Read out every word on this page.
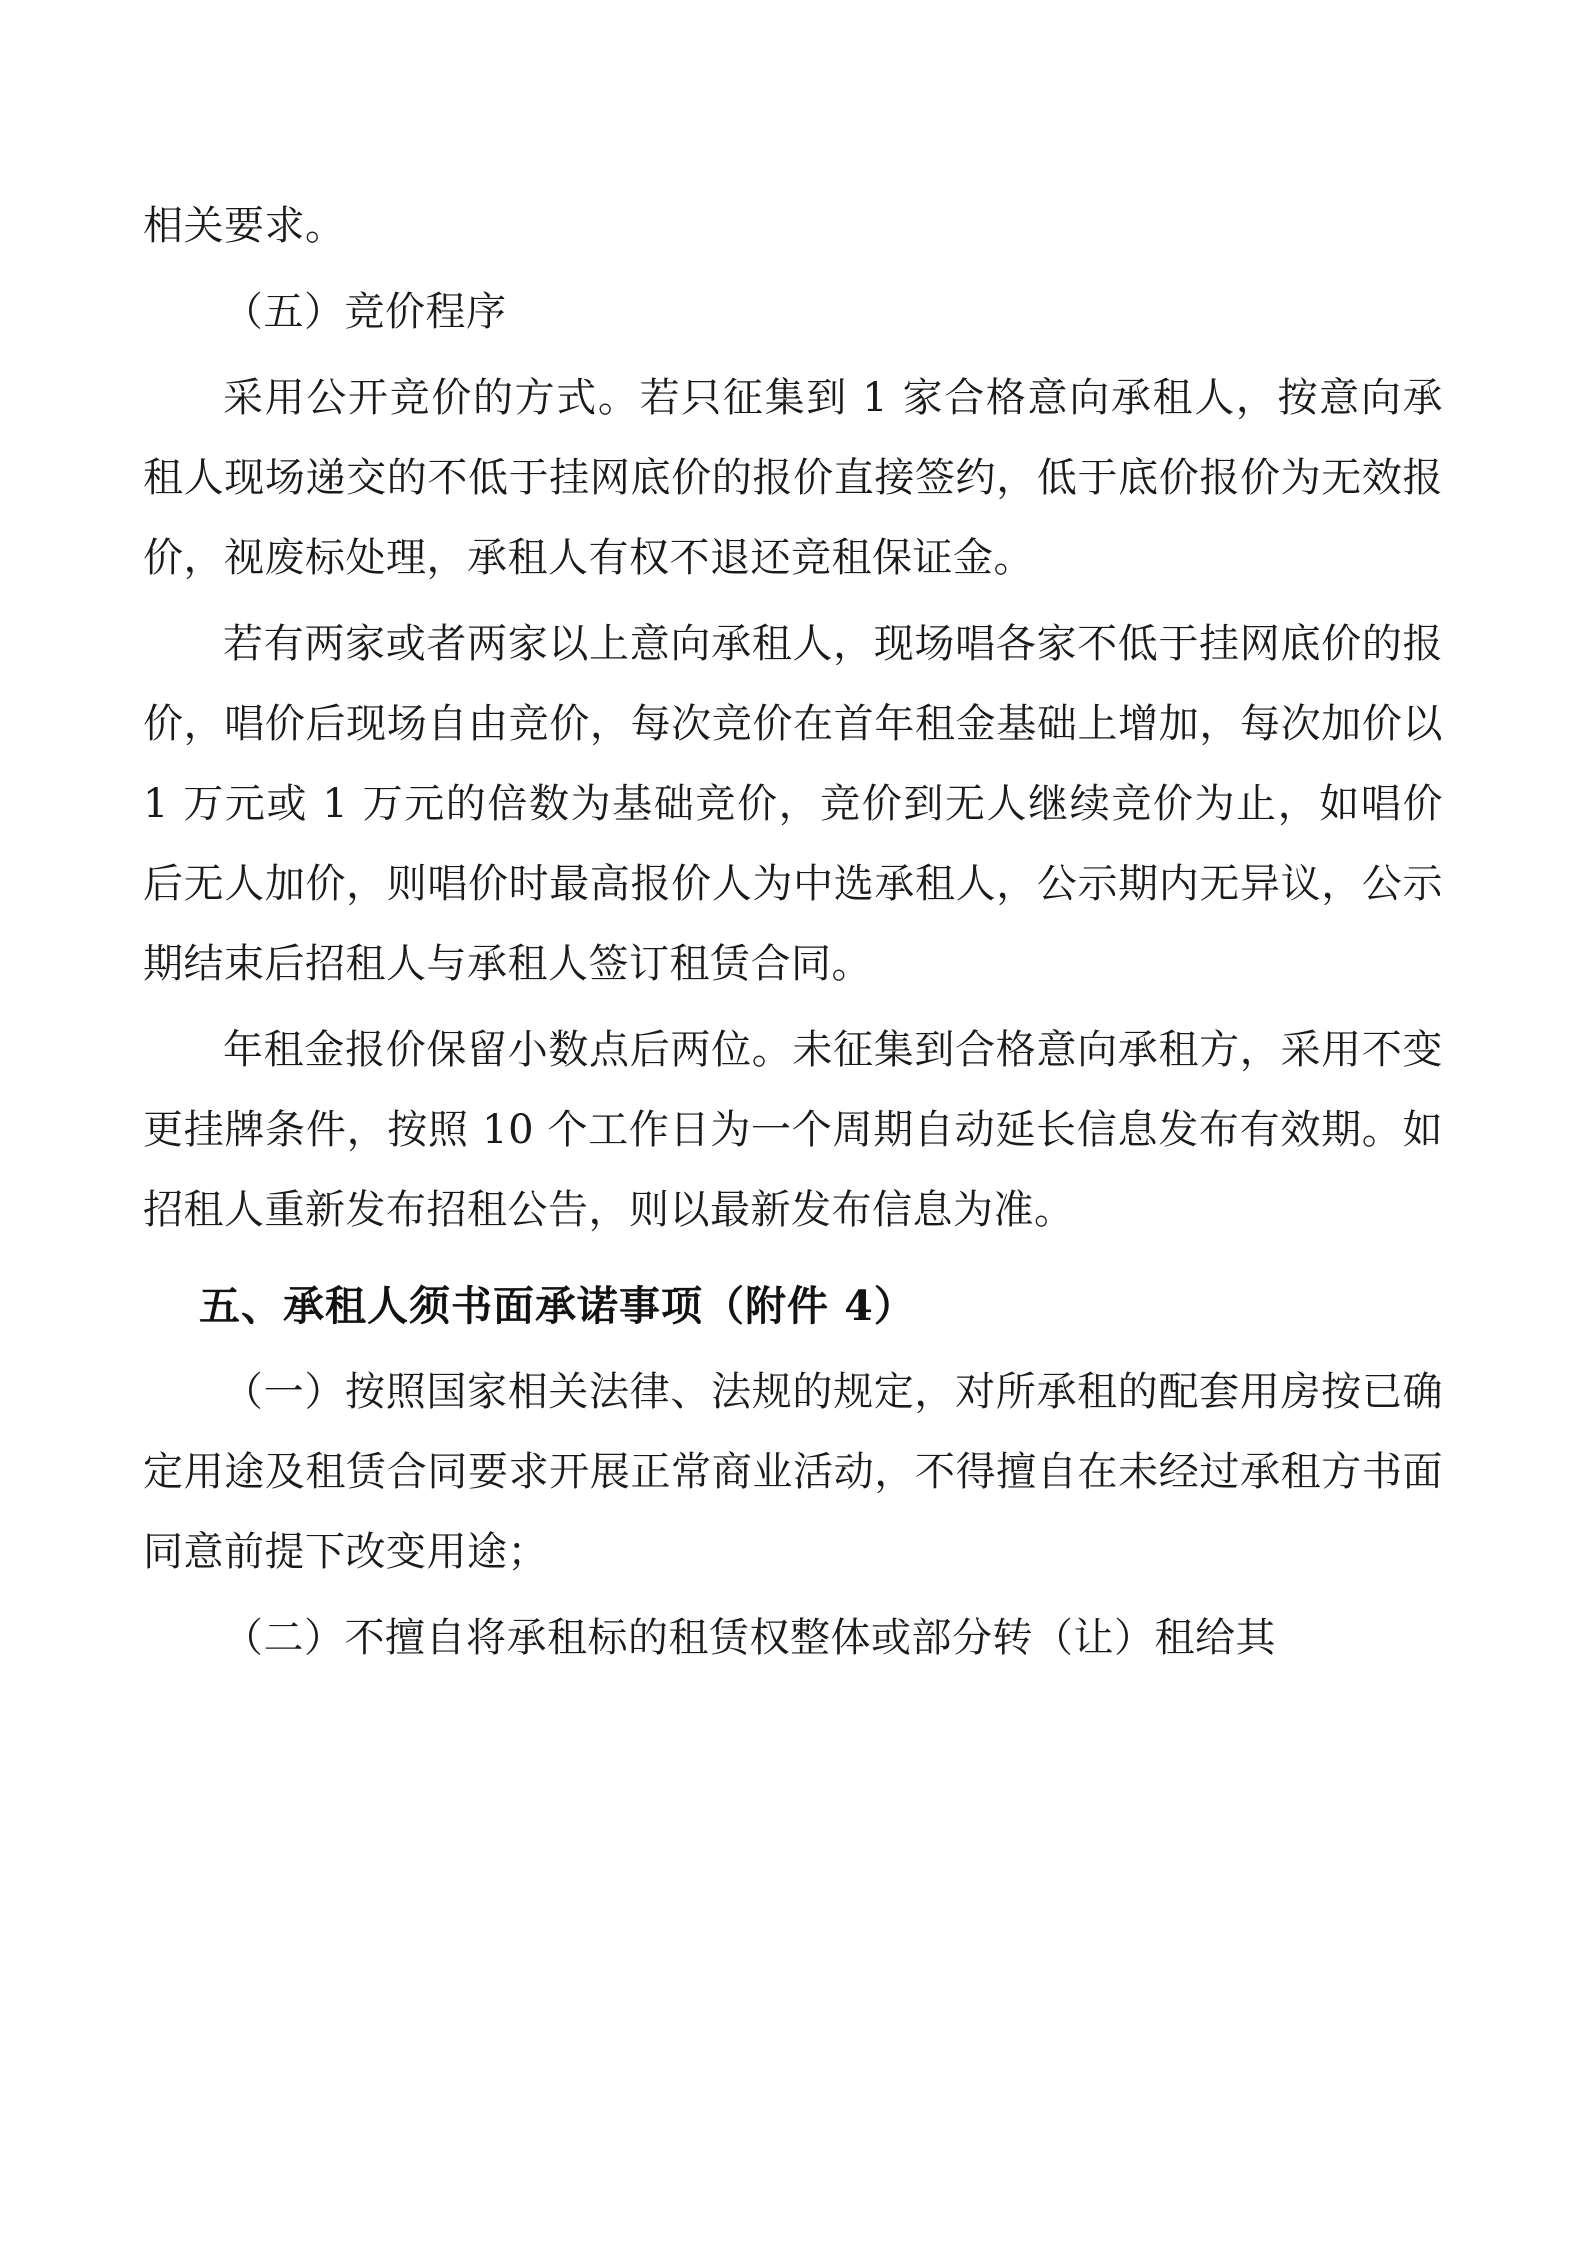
相关要求。

（五）竞价程序

采用公开竞价的方式。若只征集到 1 家合格意向承租人，按意向承租人现场递交的不低于挂网底价的报价直接签约，低于底价报价为无效报价，视废标处理，承租人有权不退还竞租保证金。

若有两家或者两家以上意向承租人，现场唱各家不低于挂网底价的报价，唱价后现场自由竞价，每次竞价在首年租金基础上增加，每次加价以 1 万元或 1 万元的倍数为基础竞价，竞价到无人继续竞价为止，如唱价后无人加价，则唱价时最高报价人为中选承租人，公示期内无异议，公示期结束后招租人与承租人签订租赁合同。

年租金报价保留小数点后两位。未征集到合格意向承租方，采用不变更挂牌条件，按照 10 个工作日为一个周期自动延长信息发布有效期。如招租人重新发布招租公告，则以最新发布信息为准。

五、承租人须书面承诺事项（附件 4）

（一）按照国家相关法律、法规的规定，对所承租的配套用房按已确定用途及租赁合同要求开展正常商业活动，不得擅自在未经过承租方书面同意前提下改变用途；

（二）不擅自将承租标的租赁权整体或部分转（让）租给其
